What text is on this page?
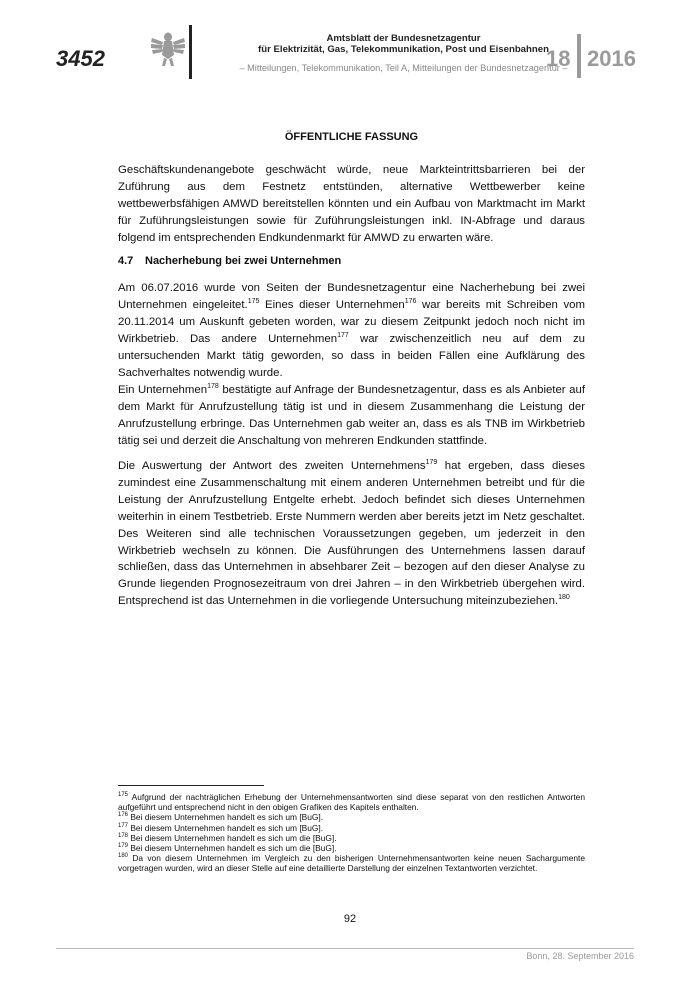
3452
Amtsblatt der Bundesnetzagentur
für Elektrizität, Gas, Telekommunikation, Post und Eisenbahnen
– Mitteilungen, Telekommunikation, Teil A, Mitteilungen der Bundesnetzagentur –
18 2016
ÖFFENTLICHE FASSUNG
Geschäftskundenangebote geschwächt würde, neue Markteintrittsbarrieren bei der Zuführung aus dem Festnetz entstünden, alternative Wettbewerber keine wettbewerbsfähigen AMWD bereitstellen könnten und ein Aufbau von Marktmacht im Markt für Zuführungsleistungen sowie für Zuführungsleistungen inkl. IN-Abfrage und daraus folgend im entsprechenden Endkundenmarkt für AMWD zu erwarten wäre.
4.7 Nacherhebung bei zwei Unternehmen
Am 06.07.2016 wurde von Seiten der Bundesnetzagentur eine Nacherhebung bei zwei Unternehmen eingeleitet.$^{175}$ Eines dieser Unternehmen$^{176}$ war bereits mit Schreiben vom 20.11.2014 um Auskunft gebeten worden, war zu diesem Zeitpunkt jedoch noch nicht im Wirkbetrieb. Das andere Unternehmen$^{177}$ war zwischenzeitlich neu auf dem zu untersuchenden Markt tätig geworden, so dass in beiden Fällen eine Aufklärung des Sachverhaltes notwendig wurde.
Ein Unternehmen$^{178}$ bestätigte auf Anfrage der Bundesnetzagentur, dass es als Anbieter auf dem Markt für Anrufzustellung tätig ist und in diesem Zusammenhang die Leistung der Anrufzustellung erbringe. Das Unternehmen gab weiter an, dass es als TNB im Wirkbetrieb tätig sei und derzeit die Anschaltung von mehreren Endkunden stattfinde.
Die Auswertung der Antwort des zweiten Unternehmens$^{179}$ hat ergeben, dass dieses zumindest eine Zusammenschaltung mit einem anderen Unternehmen betreibt und für die Leistung der Anrufzustellung Entgelte erhebt. Jedoch befindet sich dieses Unternehmen weiterhin in einem Testbetrieb. Erste Nummern werden aber bereits jetzt im Netz geschaltet. Des Weiteren sind alle technischen Voraussetzungen gegeben, um jederzeit in den Wirkbetrieb wechseln zu können. Die Ausführungen des Unternehmens lassen darauf schließen, dass das Unternehmen in absehbarer Zeit – bezogen auf den dieser Analyse zu Grunde liegenden Prognosezeitraum von drei Jahren – in den Wirkbetrieb übergehen wird. Entsprechend ist das Unternehmen in die vorliegende Untersuchung miteinzubeziehen.$^{180}$
$^{175}$ Aufgrund der nachträglichen Erhebung der Unternehmensantworten sind diese separat von den restlichen Antworten aufgeführt und entsprechend nicht in den obigen Grafiken des Kapitels enthalten.
$^{176}$ Bei diesem Unternehmen handelt es sich um [BuG].
$^{177}$ Bei diesem Unternehmen handelt es sich um [BuG].
$^{178}$ Bei diesem Unternehmen handelt es sich um die [BuG].
$^{179}$ Bei diesem Unternehmen handelt es sich um die [BuG].
$^{180}$ Da von diesem Unternehmen im Vergleich zu den bisherigen Unternehmensantworten keine neuen Sachargumente vorgetragen wurden, wird an dieser Stelle auf eine detaillierte Darstellung der einzelnen Textantworten verzichtet.
92
Bonn, 28. September 2016
